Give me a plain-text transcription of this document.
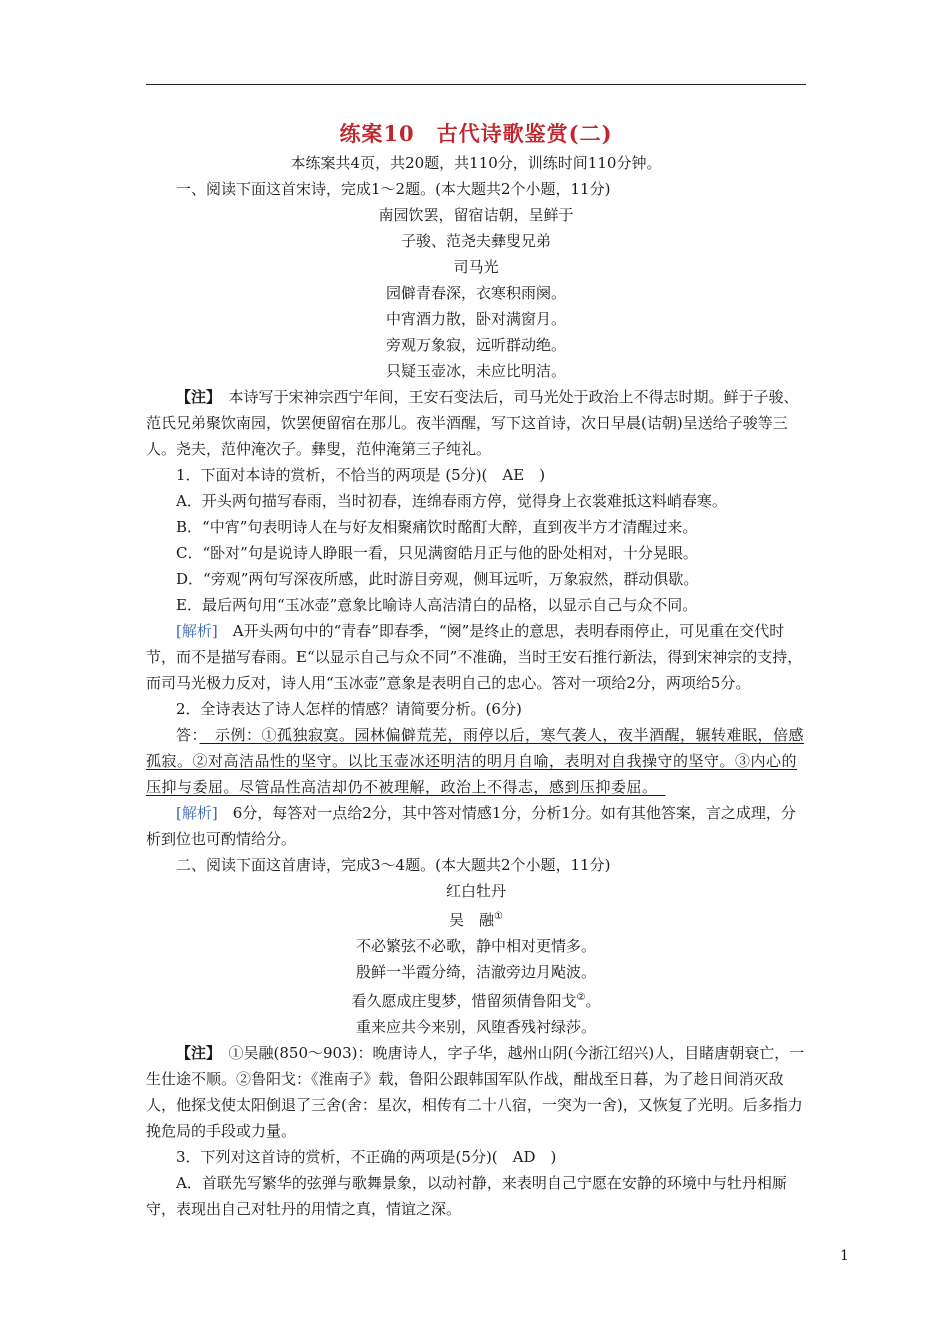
练案10　古代诗歌鉴赏(二)

本练案共4页，共20题，共110分，训练时间110分钟。

一、阅读下面这首宋诗，完成1～2题。(本大题共2个小题，11分)

南园饮罢，留宿诘朝，呈鲜于

子骏、范尧夫彝叟兄弟

司马光

园僻青春深，衣寒积雨阕。

中宵酒力散，卧对满窗月。

旁观万象寂，远听群动绝。

只疑玉壶冰，未应比明洁。

【注】　 本诗写于宋神宗西宁年间，王安石变法后，司马光处于政治上不得志时期。鲜于子骏、范氏兄弟聚饮南园，饮罢便留宿在那儿。夜半酒醒，写下这首诗，次日早晨(诘朝)呈送给子骏等三人。尧夫，范仲淹次子。彝叟，范仲淹第三子纯礼。

1．下面对本诗的赏析，不恰当的两项是 (5分)(　AE　)

A．开头两句描写春雨，当时初春，连绵春雨方停，觉得身上衣裳难抵这料峭春寒。

B．“中宵”句表明诗人在与好友相聚痛饮时酩酊大醉，直到夜半方才清醒过来。

C．“卧对”句是说诗人睁眼一看，只见满窗皓月正与他的卧处相对，十分晃眼。

D．“旁观”两句写深夜所感，此时游目旁观，侧耳远听，万象寂然，群动俱歇。

E．最后两句用“玉冰壶”意象比喻诗人高洁清白的品格，以显示自己与众不同。

[解析]　 A开头两句中的“青春”即春季，“阕”是终止的意思，表明春雨停止，可见重在交代时节，而不是描写春雨。E“以显示自己与众不同”不准确，当时王安石推行新法，得到宋神宗的支持，而司马光极力反对，诗人用“玉冰壶”意象是表明自己的忠心。答对一项给2分，两项给5分。

2．全诗表达了诗人怎样的情感？请简要分析。(6分)

答：　 示例：①孤独寂寞。园林偏僻荒芜，雨停以后，寒气袭人，夜半酒醒，辗转难眠，倍感孤寂。②对高洁品性的坚守。以比玉壶冰还明洁的明月自喻，表明对自我操守的坚守。③内心的压抑与委屈。尽管品性高洁却仍不被理解，政治上不得志，感到压抑委屈。　

[解析]　 6分，每答对一点给2分，其中答对情感1分，分析1分。如有其他答案，言之成理，分析到位也可酌情给分。

二、阅读下面这首唐诗，完成3～4题。(本大题共2个小题，11分)

红白牡丹

吴　融①

不必繁弦不必歌，静中相对更情多。

殷鲜一半霞分绮，洁澈旁边月飐波。

看久愿成庄叟梦，惜留须倩鲁阳戈②。

重来应共今来别，风堕香残衬绿莎。

【注】　 ①吴融(850～903)：晚唐诗人，字子华，越州山阴(今浙江绍兴)人，目睹唐朝衰亡，一生仕途不顺。②鲁阳戈：《淮南子》载，鲁阳公跟韩国军队作战，酣战至日暮，为了趁日间消灭敌人，他探戈使太阳倒退了三舍(舍：星次，相传有二十八宿，一突为一舍)，又恢复了光明。后多指力挽危局的手段或力量。

3．下列对这首诗的赏析，不正确的两项是(5分)(　AD　)

A．首联先写繁华的弦弹与歌舞景象，以动衬静，来表明自己宁愿在安静的环境中与牡丹相厮守，表现出自己对牡丹的用情之真，情谊之深。

1
